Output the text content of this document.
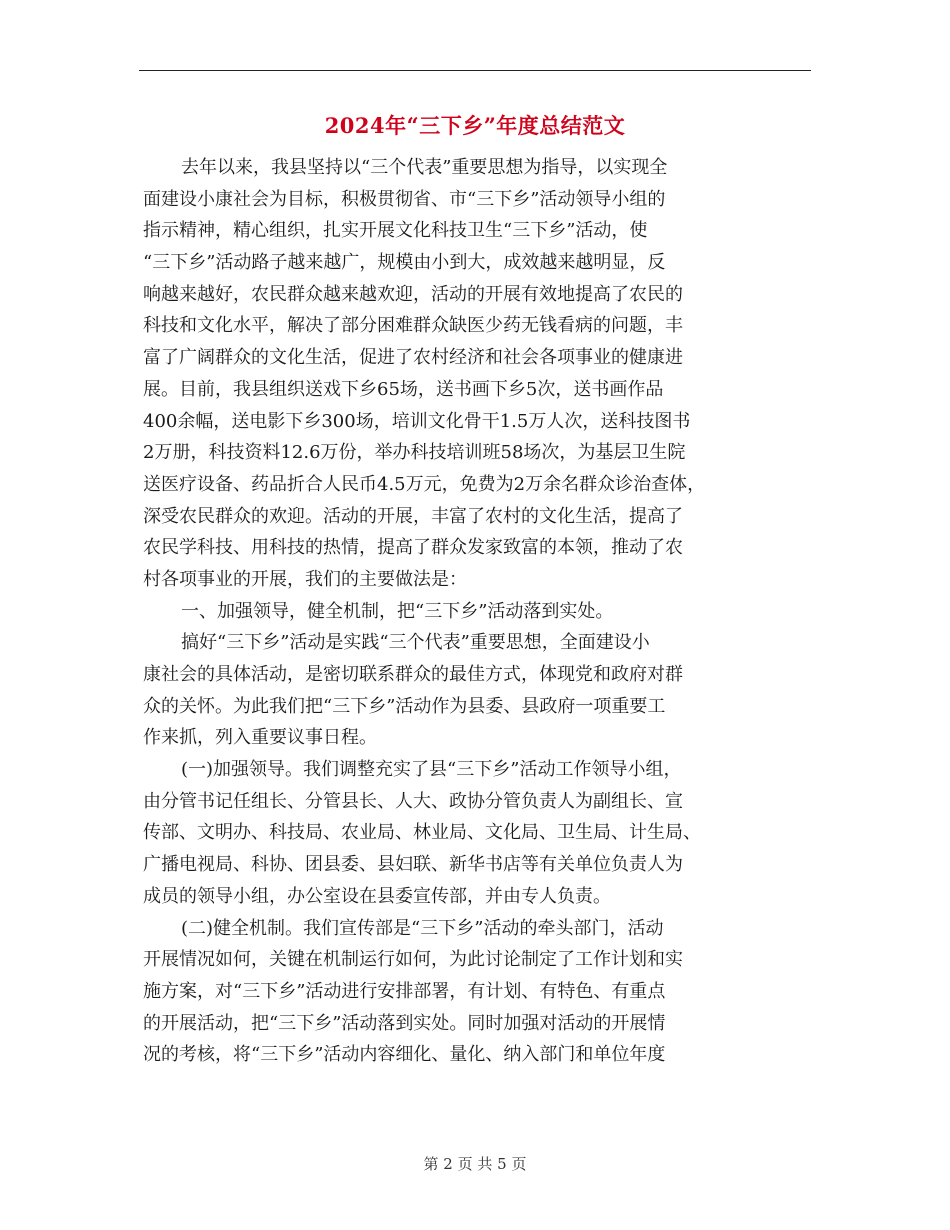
2024年“三下乡”年度总结范文
去年以来，我县坚持以“三个代表”重要思想为指导，以实现全
面建设小康社会为目标，积极贯彻省、市“三下乡”活动领导小组的
指示精神，精心组织，扎实开展文化科技卫生“三下乡”活动，使
“三下乡”活动路子越来越广，规模由小到大，成效越来越明显，反
响越来越好，农民群众越来越欢迎，活动的开展有效地提高了农民的
科技和文化水平，解决了部分困难群众缺医少药无钱看病的问题，丰
富了广阔群众的文化生活，促进了农村经济和社会各项事业的健康进
展。目前，我县组织送戏下乡65场，送书画下乡5次，送书画作品
400余幅，送电影下乡300场，培训文化骨干1.5万人次，送科技图书
2万册，科技资料12.6万份，举办科技培训班58场次，为基层卫生院
送医疗设备、药品折合人民币4.5万元，免费为2万余名群众诊治查体，
深受农民群众的欢迎。活动的开展，丰富了农村的文化生活，提高了
农民学科技、用科技的热情，提高了群众发家致富的本领，推动了农
村各项事业的开展，我们的主要做法是：
一、加强领导，健全机制，把“三下乡”活动落到实处。
搞好“三下乡”活动是实践“三个代表”重要思想，全面建设小
康社会的具体活动，是密切联系群众的最佳方式，体现党和政府对群
众的关怀。为此我们把“三下乡”活动作为县委、县政府一项重要工
作来抓，列入重要议事日程。
(一)加强领导。我们调整充实了县“三下乡”活动工作领导小组，
由分管书记任组长、分管县长、人大、政协分管负责人为副组长、宣
传部、文明办、科技局、农业局、林业局、文化局、卫生局、计生局、
广播电视局、科协、团县委、县妇联、新华书店等有关单位负责人为
成员的领导小组，办公室设在县委宣传部，并由专人负责。
(二)健全机制。我们宣传部是“三下乡”活动的牵头部门，活动
开展情况如何，关键在机制运行如何，为此讨论制定了工作计划和实
施方案，对“三下乡”活动进行安排部署，有计划、有特色、有重点
的开展活动，把“三下乡”活动落到实处。同时加强对活动的开展情
况的考核，将“三下乡”活动内容细化、量化、纳入部门和单位年度
第 2 页 共 5 页
